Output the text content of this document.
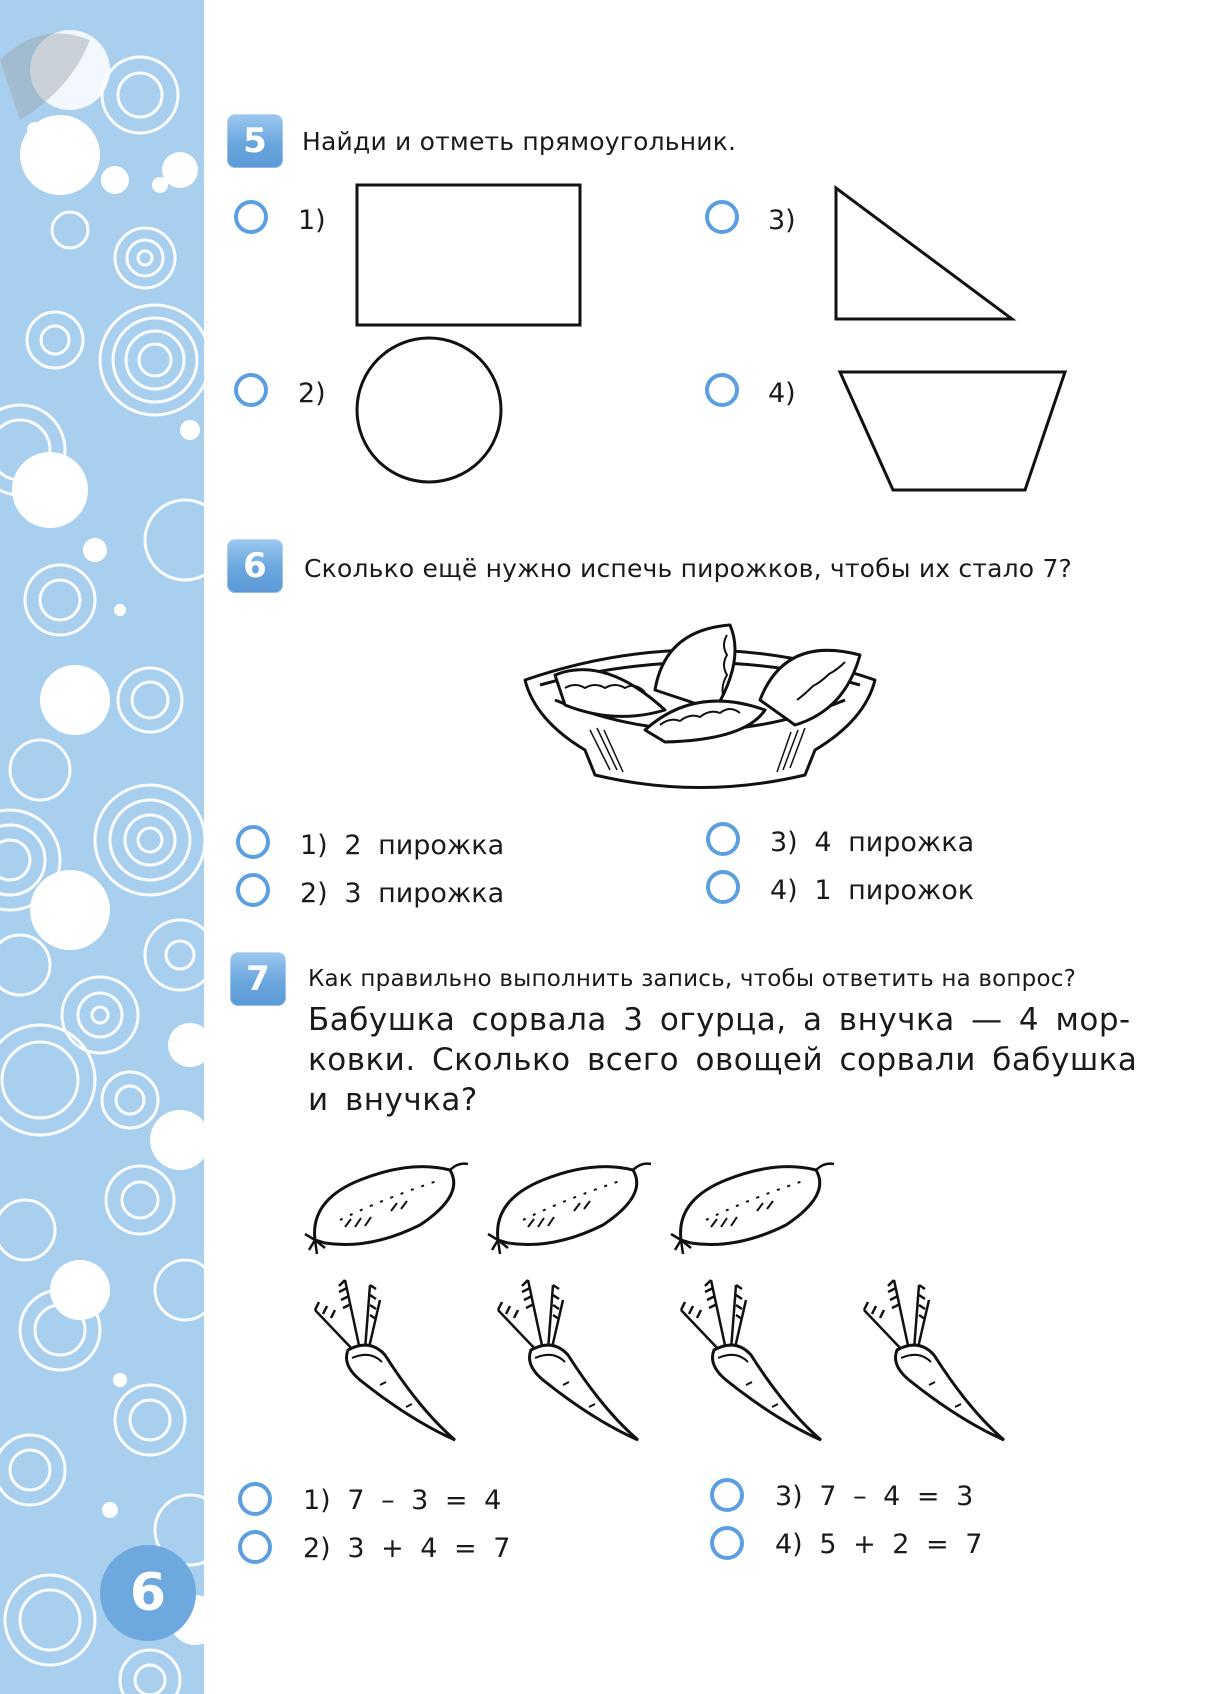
6
5	Найди и отметь прямоугольник.
1)
2)
3)
4)
6	Сколько ещё нужно испечь пирожков, чтобы их стало 7?
1) 2 пирожка
2) 3 пирожка
3) 4 пирожка
4) 1 пирожок
7	Как правильно выполнить запись, чтобы ответить на вопрос?
Бабушка сорвала 3 огурца, а внучка — 4 мор-
ковки. Сколько всего овощей сорвали бабушка
и внучка?
1) 7 – 3 = 4
2) 3 + 4 = 7
3) 7 – 4 = 3
4) 5 + 2 = 7
